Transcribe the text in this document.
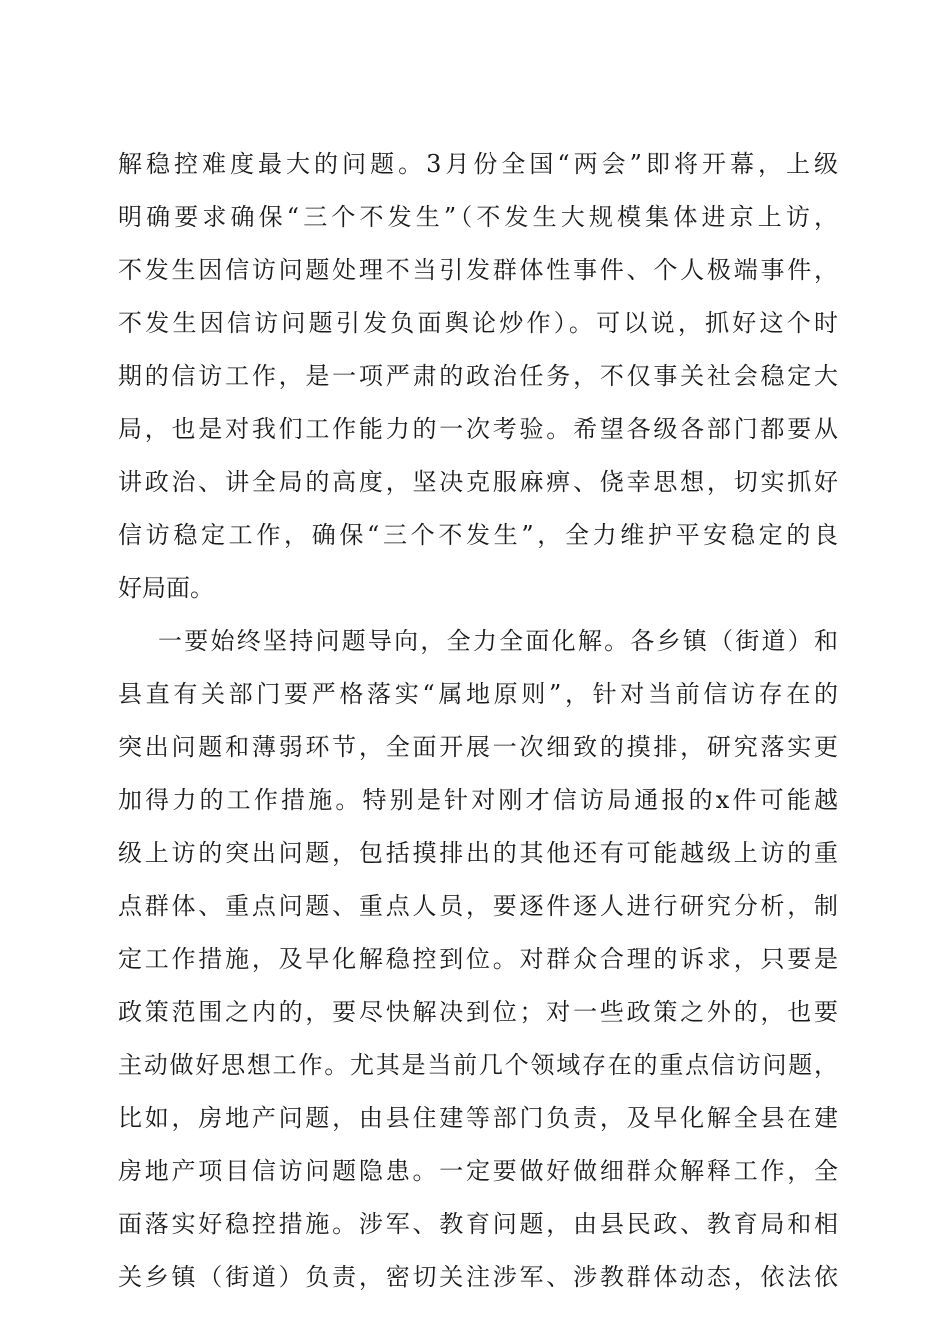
解稳控难度最大的问题。3月份全国“两会”即将开幕，上级
明确要求确保“三个不发生”（不发生大规模集体进京上访，
不发生因信访问题处理不当引发群体性事件、个人极端事件，
不发生因信访问题引发负面舆论炒作）。可以说，抓好这个时
期的信访工作，是一项严肃的政治任务，不仅事关社会稳定大
局，也是对我们工作能力的一次考验。希望各级各部门都要从
讲政治、讲全局的高度，坚决克服麻痹、侥幸思想，切实抓好
信访稳定工作，确保“三个不发生”，全力维护平安稳定的良
好局面。
一要始终坚持问题导向，全力全面化解。各乡镇（街道）和
县直有关部门要严格落实“属地原则”，针对当前信访存在的
突出问题和薄弱环节，全面开展一次细致的摸排，研究落实更
加得力的工作措施。特别是针对刚才信访局通报的x件可能越
级上访的突出问题，包括摸排出的其他还有可能越级上访的重
点群体、重点问题、重点人员，要逐件逐人进行研究分析，制
定工作措施，及早化解稳控到位。对群众合理的诉求，只要是
政策范围之内的，要尽快解决到位；对一些政策之外的，也要
主动做好思想工作。尤其是当前几个领域存在的重点信访问题，
比如，房地产问题，由县住建等部门负责，及早化解全县在建
房地产项目信访问题隐患。一定要做好做细群众解释工作，全
面落实好稳控措施。涉军、教育问题，由县民政、教育局和相
关乡镇（街道）负责，密切关注涉军、涉教群体动态，依法依
